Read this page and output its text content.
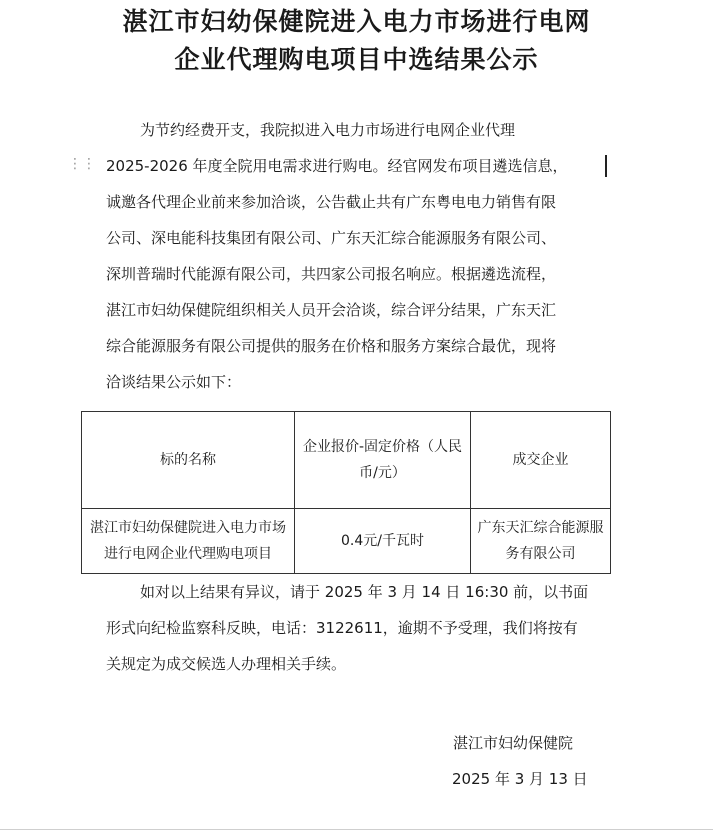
湛江市妇幼保健院进入电力市场进行电网
企业代理购电项目中选结果公示
⋮⋮
为节约经费开支，我院拟进入电力市场进行电网企业代理
2025-2026 年度全院用电需求进行购电。经官网发布项目遴选信息，
诚邀各代理企业前来参加洽谈，公告截止共有广东粤电电力销售有限
公司、深电能科技集团有限公司、广东天汇综合能源服务有限公司、
深圳普瑞时代能源有限公司，共四家公司报名响应。根据遴选流程，
湛江市妇幼保健院组织相关人员开会洽谈，综合评分结果，广东天汇
综合能源服务有限公司提供的服务在价格和服务方案综合最优，现将
洽谈结果公示如下：
标的名称	企业报价-固定价格（人民币/元）	成交企业
湛江市妇幼保健院进入电力市场进行电网企业代理购电项目	0.4元/千瓦时	广东天汇综合能源服务有限公司
如对以上结果有异议，请于 2025 年 3 月 14 日 16:30 前，以书面
形式向纪检监察科反映，电话：3122611，逾期不予受理，我们将按有
关规定为成交候选人办理相关手续。
湛江市妇幼保健院
2025 年 3 月 13 日
